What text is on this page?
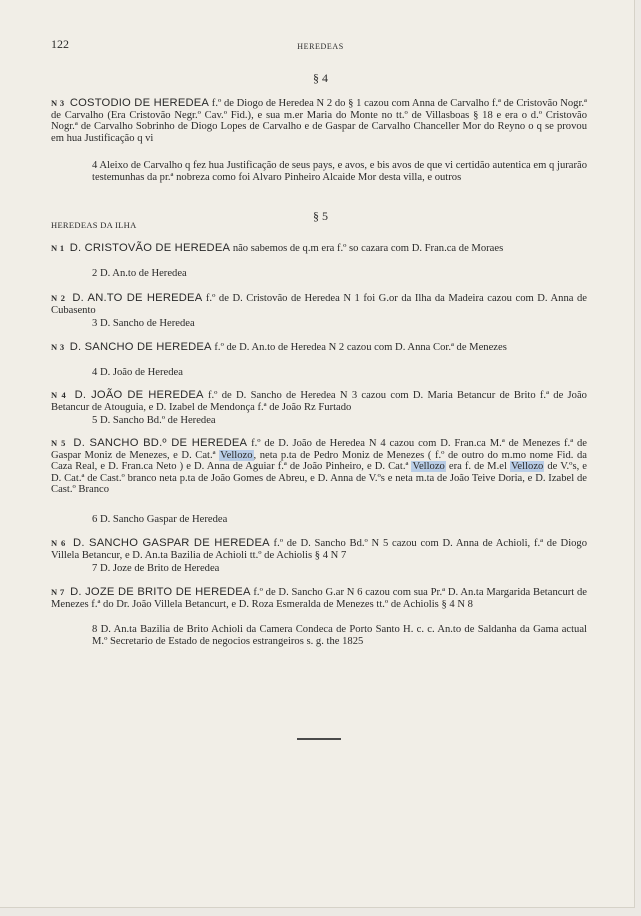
122	HEREDEAS
§ 4
N 3 COSTODIO DE HEREDEA f.º de Diogo de Heredea N 2 do § 1 cazou com Anna de Carvalho f.ª de Cristovão Nogr.ª de Carvalho (Era Cristovão Negr.º Cav.º Fid.), e sua m.er Maria do Monte no tt.º de Villasboas § 18 e era o d.º Cristovão Nogr.ª de Carvalho Sobrinho de Diogo Lopes de Carvalho e de Gaspar de Carvalho Chanceller Mor do Reyno o q se provou em hua Justificação q vi
4 Aleixo de Carvalho q fez hua Justificação de seus pays, e avos, e bis avos de que vi certidão autentica em q jurarão testemunhas da pr.ª nobreza como foi Alvaro Pinheiro Alcaide Mor desta villa, e outros
HEREDEAS DA ILHA
§ 5
N 1 D. CRISTOVÃO DE HEREDEA não sabemos de q.m era f.º so cazara com D. Fran.ca de Moraes
2 D. An.to de Heredea
N 2 D. AN.TO DE HEREDEA f.º de D. Cristovão de Heredea N 1 foi G.or da Ilha da Madeira cazou com D. Anna de Cubasento
3 D. Sancho de Heredea
N 3 D. SANCHO DE HEREDEA f.º de D. An.to de Heredea N 2 cazou com D. Anna Cor.ª de Menezes
4 D. João de Heredea
N 4 D. JOÃO DE HEREDEA f.º de D. Sancho de Heredea N 3 cazou com D. Maria Betancur de Brito f.ª de João Betancur de Atouguia, e D. Izabel de Mendonça f.ª de João Rz Furtado
5 D. Sancho Bd.º de Heredea
N 5 D. SANCHO BD.º DE HEREDEA f.º de D. João de Heredea N 4 cazou com D. Fran.ca M.ª de Menezes f.ª de Gaspar Moniz de Menezes, e D. Cat.ª Vellozo, neta p.ta de Pedro Moniz de Menezes ( f.º de outro do m.mo nome Fid. da Caza Real, e D. Fran.ca Neto ) e D. Anna de Aguiar f.ª de João Pinheiro, e D. Cat.ª Vellozo era f. de M.el Vellozo de V.ºs, e D. Cat.ª de Cast.º branco neta p.ta de João Gomes de Abreu, e D. Anna de V.ºs e neta m.ta de João Teive Doria, e D. Izabel de Cast.º Branco
6 D. Sancho Gaspar de Heredea
N 6 D. SANCHO GASPAR DE HEREDEA f.º de D. Sancho Bd.º N 5 cazou com D. Anna de Achioli, f.ª de Diogo Villela Betancur, e D. An.ta Bazilia de Achioli tt.º de Achiolis § 4 N 7
7 D. Joze de Brito de Heredea
N 7 D. JOZE DE BRITO DE HEREDEA f.º de D. Sancho G.ar N 6 cazou com sua Pr.ª D. An.ta Margarida Betancurt de Menezes f.ª do Dr. João Villela Betancurt, e D. Roza Esmeralda de Menezes tt.º de Achiolis § 4 N 8
8 D. An.ta Bazilia de Brito Achioli da Camera Condeca de Porto Santo H. c. c. An.to de Saldanha da Gama actual M.º Secretario de Estado de negocios estrangeiros s. g. the 1825
